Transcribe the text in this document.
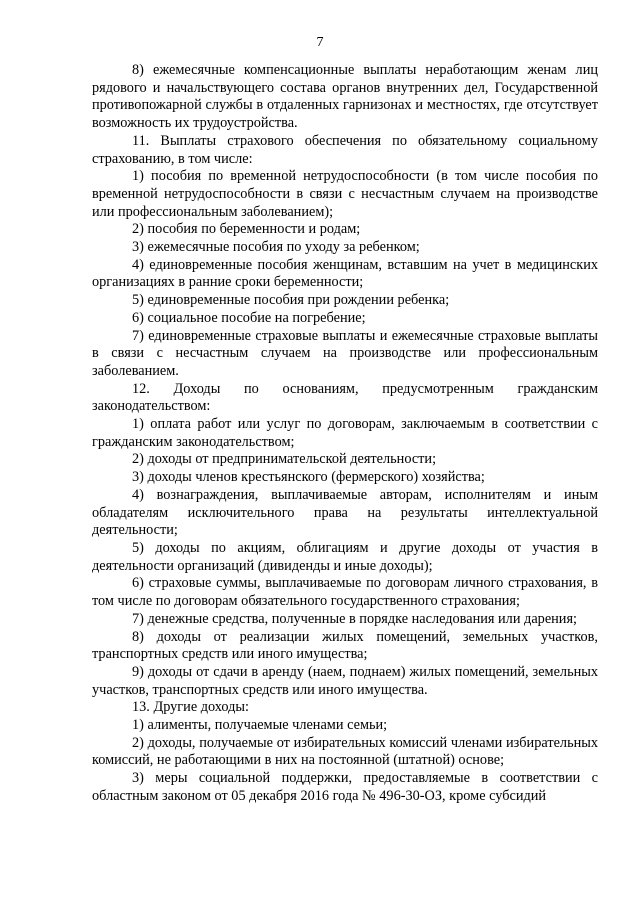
7

8) ежемесячные компенсационные выплаты неработающим женам лиц рядового и начальствующего состава органов внутренних дел, Государственной противопожарной службы в отдаленных гарнизонах и местностях, где отсутствует возможность их трудоустройства.

11. Выплаты страхового обеспечения по обязательному социальному страхованию, в том числе:

1) пособия по временной нетрудоспособности (в том числе пособия по временной нетрудоспособности в связи с несчастным случаем на производстве или профессиональным заболеванием);

2) пособия по беременности и родам;

3) ежемесячные пособия по уходу за ребенком;

4) единовременные пособия женщинам, вставшим на учет в медицинских организациях в ранние сроки беременности;

5) единовременные пособия при рождении ребенка;

6) социальное пособие на погребение;

7) единовременные страховые выплаты и ежемесячные страховые выплаты в связи с несчастным случаем на производстве или профессиональным заболеванием.

12. Доходы по основаниям, предусмотренным гражданским законодательством:

1) оплата работ или услуг по договорам, заключаемым в соответствии с гражданским законодательством;

2) доходы от предпринимательской деятельности;

3) доходы членов крестьянского (фермерского) хозяйства;

4) вознаграждения, выплачиваемые авторам, исполнителям и иным обладателям исключительного права на результаты интеллектуальной деятельности;

5) доходы по акциям, облигациям и другие доходы от участия в деятельности организаций (дивиденды и иные доходы);

6) страховые суммы, выплачиваемые по договорам личного страхования, в том числе по договорам обязательного государственного страхования;

7) денежные средства, полученные в порядке наследования или дарения;

8) доходы от реализации жилых помещений, земельных участков, транспортных средств или иного имущества;

9) доходы от сдачи в аренду (наем, поднаем) жилых помещений, земельных участков, транспортных средств или иного имущества.

13. Другие доходы:

1) алименты, получаемые членами семьи;

2) доходы, получаемые от избирательных комиссий членами избирательных комиссий, не работающими в них на постоянной (штатной) основе;

3) меры социальной поддержки, предоставляемые в соответствии с областным законом от 05 декабря 2016 года № 496-30-ОЗ, кроме субсидий
